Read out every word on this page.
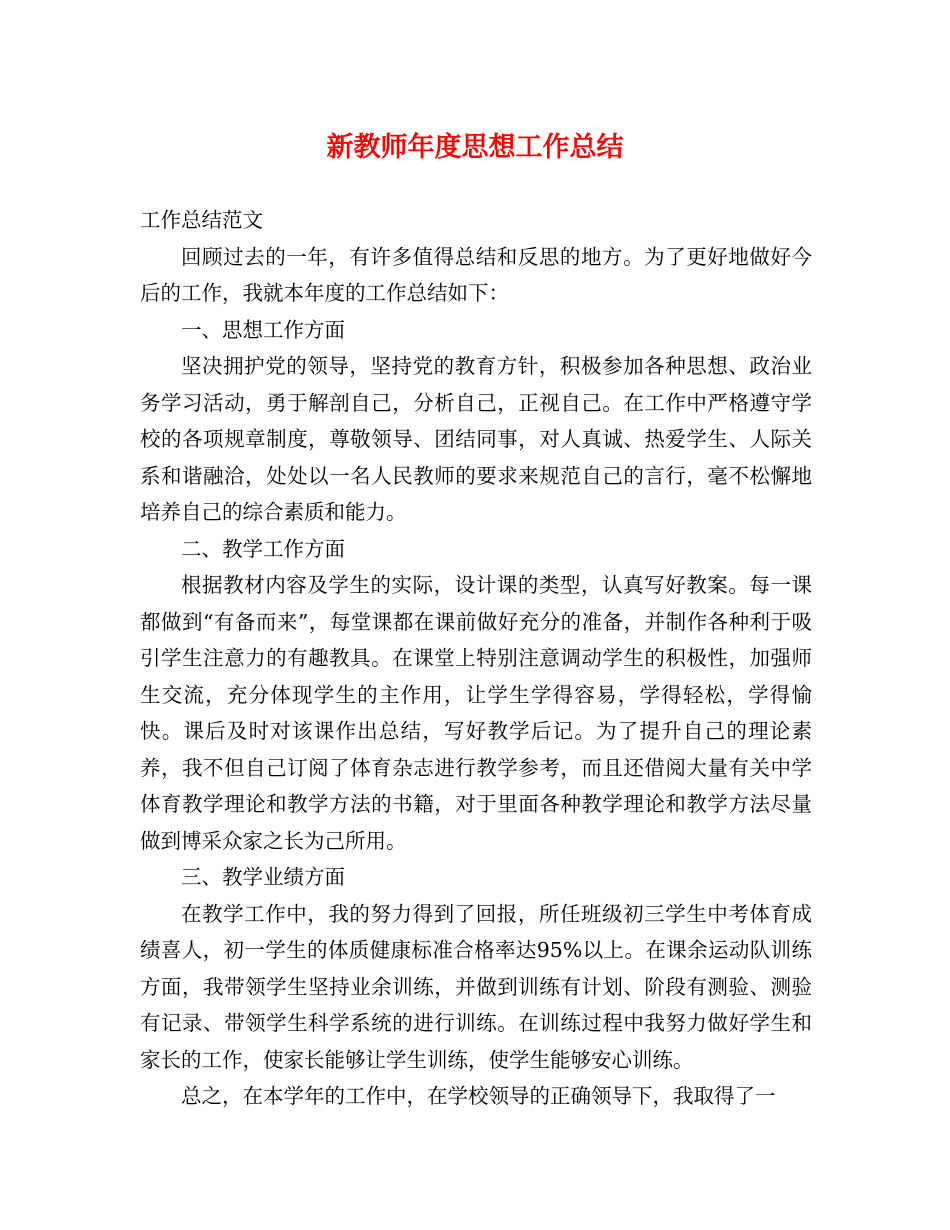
新教师年度思想工作总结

工作总结范文

回顾过去的一年，有许多值得总结和反思的地方。为了更好地做好今后的工作，我就本年度的工作总结如下：

一、思想工作方面

坚决拥护党的领导，坚持党的教育方针，积极参加各种思想、政治业务学习活动，勇于解剖自己，分析自己，正视自己。在工作中严格遵守学校的各项规章制度，尊敬领导、团结同事，对人真诚、热爱学生、人际关系和谐融洽，处处以一名人民教师的要求来规范自己的言行，毫不松懈地培养自己的综合素质和能力。

二、教学工作方面

根据教材内容及学生的实际，设计课的类型，认真写好教案。每一课都做到“有备而来”，每堂课都在课前做好充分的准备，并制作各种利于吸引学生注意力的有趣教具。在课堂上特别注意调动学生的积极性，加强师生交流，充分体现学生的主作用，让学生学得容易，学得轻松，学得愉快。课后及时对该课作出总结，写好教学后记。为了提升自己的理论素养，我不但自己订阅了体育杂志进行教学参考，而且还借阅大量有关中学体育教学理论和教学方法的书籍，对于里面各种教学理论和教学方法尽量做到博采众家之长为己所用。

三、教学业绩方面

在教学工作中，我的努力得到了回报，所任班级初三学生中考体育成绩喜人，初一学生的体质健康标准合格率达95%以上。在课余运动队训练方面，我带领学生坚持业余训练，并做到训练有计划、阶段有测验、测验有记录、带领学生科学系统的进行训练。在训练过程中我努力做好学生和家长的工作，使家长能够让学生训练，使学生能够安心训练。

总之，在本学年的工作中，在学校领导的正确领导下，我取得了一
